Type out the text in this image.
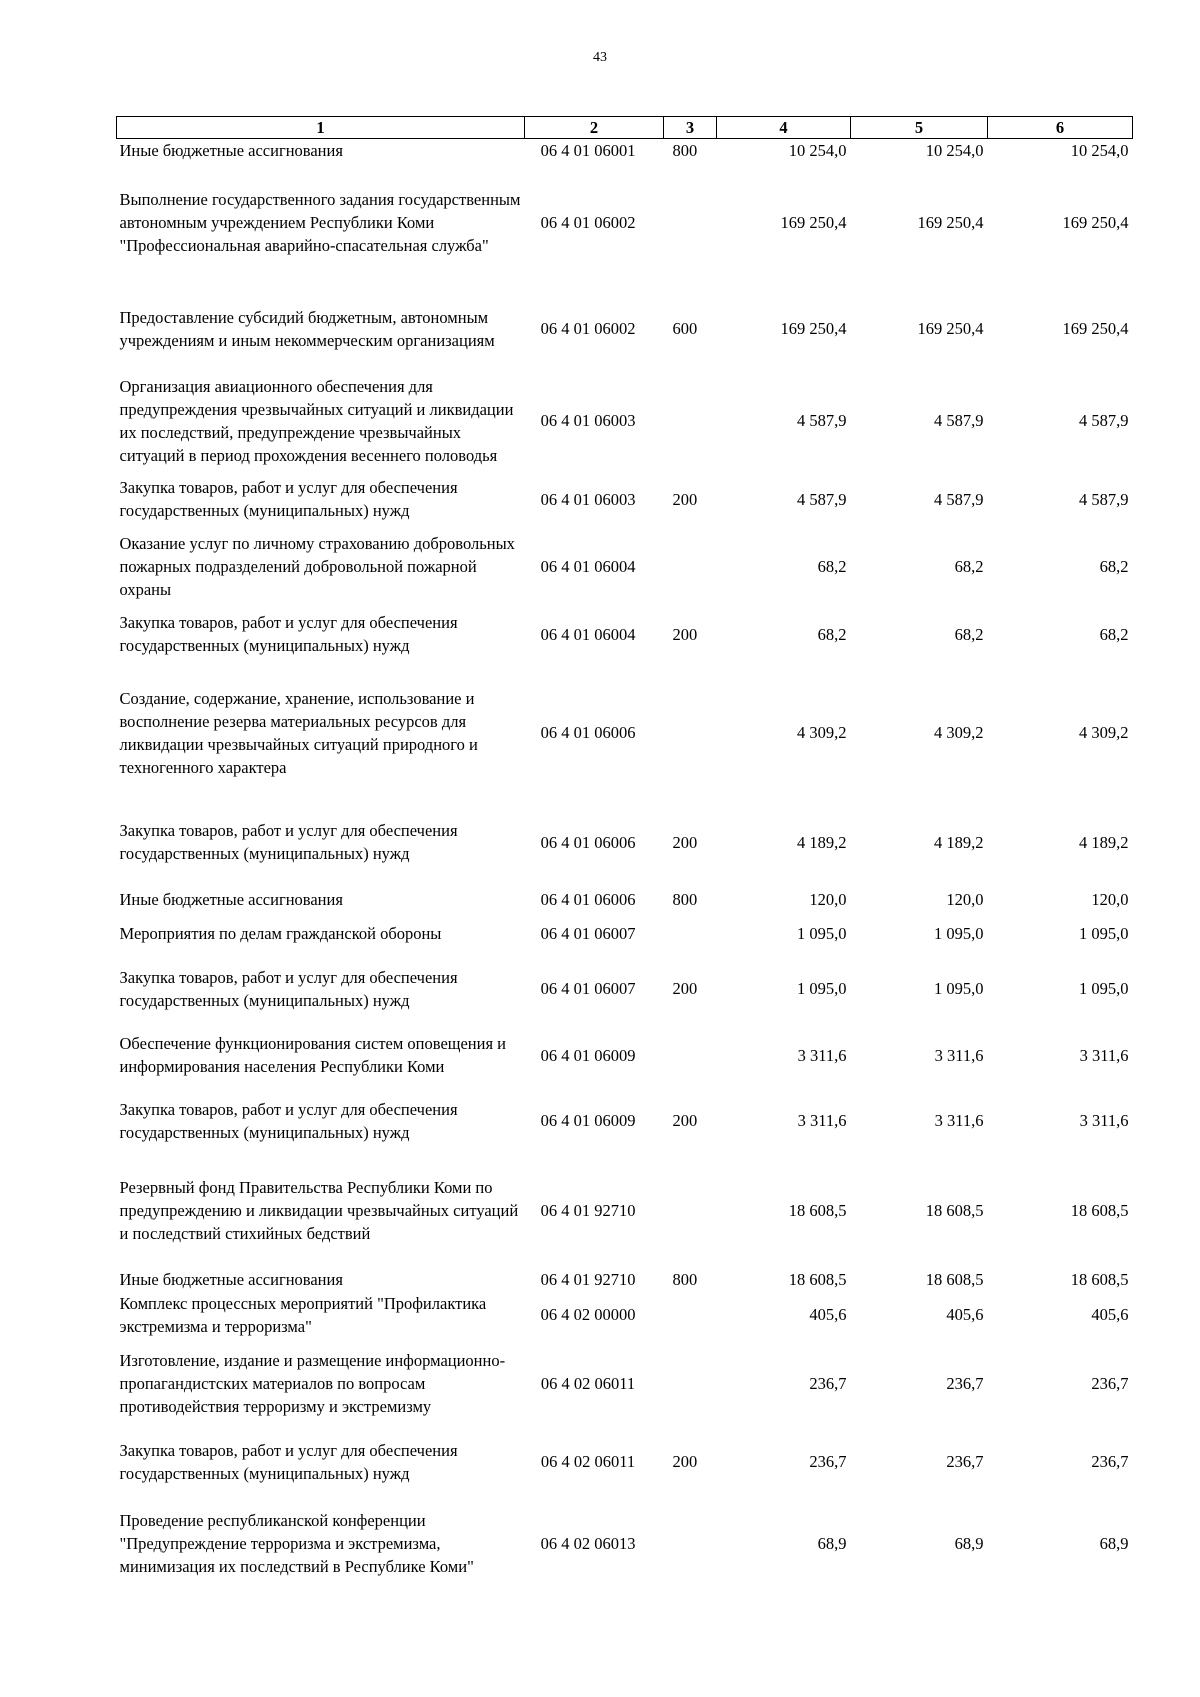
43
1	2	3	4	5	6
Иные бюджетные ассигнования	06 4 01 06001	800	10 254,0	10 254,0	10 254,0
Выполнение государственного задания государственным автономным учреждением Республики Коми "Профессиональная аварийно-спасательная служба"	06 4 01 06002		169 250,4	169 250,4	169 250,4
Предоставление субсидий бюджетным, автономным учреждениям и иным некоммерческим организациям	06 4 01 06002	600	169 250,4	169 250,4	169 250,4
Организация авиационного обеспечения для предупреждения чрезвычайных ситуаций и ликвидации их последствий, предупреждение чрезвычайных ситуаций в период прохождения весеннего половодья	06 4 01 06003		4 587,9	4 587,9	4 587,9
Закупка товаров, работ и услуг для обеспечения государственных (муниципальных) нужд	06 4 01 06003	200	4 587,9	4 587,9	4 587,9
Оказание услуг по личному страхованию добровольных пожарных подразделений добровольной пожарной охраны	06 4 01 06004		68,2	68,2	68,2
Закупка товаров, работ и услуг для обеспечения государственных (муниципальных) нужд	06 4 01 06004	200	68,2	68,2	68,2
Создание, содержание, хранение, использование и восполнение резерва материальных ресурсов для ликвидации чрезвычайных ситуаций природного и техногенного характера	06 4 01 06006		4 309,2	4 309,2	4 309,2
Закупка товаров, работ и услуг для обеспечения государственных (муниципальных) нужд	06 4 01 06006	200	4 189,2	4 189,2	4 189,2
Иные бюджетные ассигнования	06 4 01 06006	800	120,0	120,0	120,0
Мероприятия по делам гражданской обороны	06 4 01 06007		1 095,0	1 095,0	1 095,0
Закупка товаров, работ и услуг для обеспечения государственных (муниципальных) нужд	06 4 01 06007	200	1 095,0	1 095,0	1 095,0
Обеспечение функционирования систем оповещения и информирования населения Республики Коми	06 4 01 06009		3 311,6	3 311,6	3 311,6
Закупка товаров, работ и услуг для обеспечения государственных (муниципальных) нужд	06 4 01 06009	200	3 311,6	3 311,6	3 311,6
Резервный фонд Правительства Республики Коми по предупреждению и ликвидации чрезвычайных ситуаций и последствий стихийных бедствий	06 4 01 92710		18 608,5	18 608,5	18 608,5
Иные бюджетные ассигнования	06 4 01 92710	800	18 608,5	18 608,5	18 608,5
Комплекс процессных мероприятий "Профилактика экстремизма и терроризма"	06 4 02 00000		405,6	405,6	405,6
Изготовление, издание и размещение информационно-пропагандистских материалов по вопросам противодействия терроризму и экстремизму	06 4 02 06011		236,7	236,7	236,7
Закупка товаров, работ и услуг для обеспечения государственных (муниципальных) нужд	06 4 02 06011	200	236,7	236,7	236,7
Проведение республиканской конференции "Предупреждение терроризма и экстремизма, минимизация их последствий в Республике Коми"	06 4 02 06013		68,9	68,9	68,9
